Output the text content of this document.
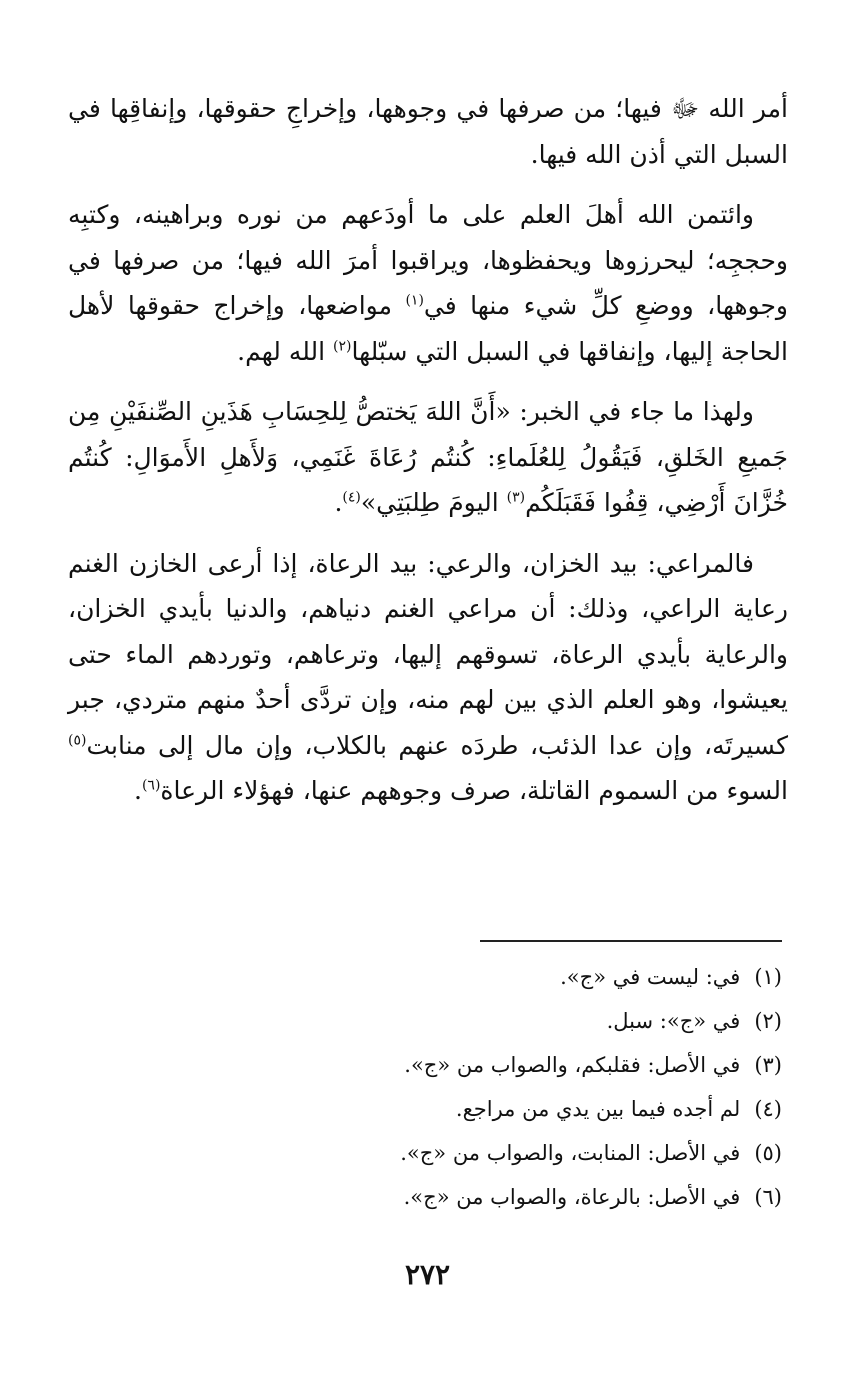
أمر الله ﷻ فيها؛ من صرفها في وجوهها، وإخراجِ حقوقها، وإنفاقِها في السبل التي أذن الله فيها.

وائتمن الله أهلَ العلم على ما أودَعهم من نوره وبراهينه، وكتبِه وحججِه؛ ليحرزوها ويحفظوها، ويراقبوا أمرَ الله فيها؛ من صرفها في وجوهها، ووضعِ كلِّ شيء منها في$^{(١)}$ مواضعها، وإخراج حقوقها لأهل الحاجة إليها، وإنفاقها في السبل التي سبّلها$^{(٢)}$ الله لهم.

ولهذا ما جاء في الخبر: «أَنَّ اللهَ يَختصُّ لِلحِسَابِ هَذَينِ الصِّنفَيْنِ مِن جَميعِ الخَلقِ، فَيَقُولُ لِلعُلَماءِ: كُنتُم رُعَاةَ غَنَمِي، وَلأَهلِ الأَموَالِ: كُنتُم خُزَّانَ أَرْضِي، قِفُوا فَقَبَلَكُم$^{(٣)}$ اليومَ طِلبَتِي»$^{(٤)}$.

فالمراعي: بيد الخزان، والرعي: بيد الرعاة، إذا أرعى الخازن الغنم رعاية الراعي، وذلك: أن مراعي الغنم دنياهم، والدنيا بأيدي الخزان، والرعاية بأيدي الرعاة، تسوقهم إليها، وترعاهم، وتوردهم الماء حتى يعيشوا، وهو العلم الذي بين لهم منه، وإن تردَّى أحدٌ منهم متردي، جبر كسيرتَه، وإن عدا الذئب، طردَه عنهم بالكلاب، وإن مال إلى منابت$^{(٥)}$ السوء من السموم القاتلة، صرف وجوههم عنها، فهؤلاء الرعاة$^{(٦)}$.

(١)في: ليست في «ج».
(٢)في «ج»: سبل.
(٣)في الأصل: فقلبكم، والصواب من «ج».
(٤)لم أجده فيما بين يدي من مراجع.
(٥)في الأصل: المنابت، والصواب من «ج».
(٦)في الأصل: بالرعاة، والصواب من «ج».
٢٧٢
